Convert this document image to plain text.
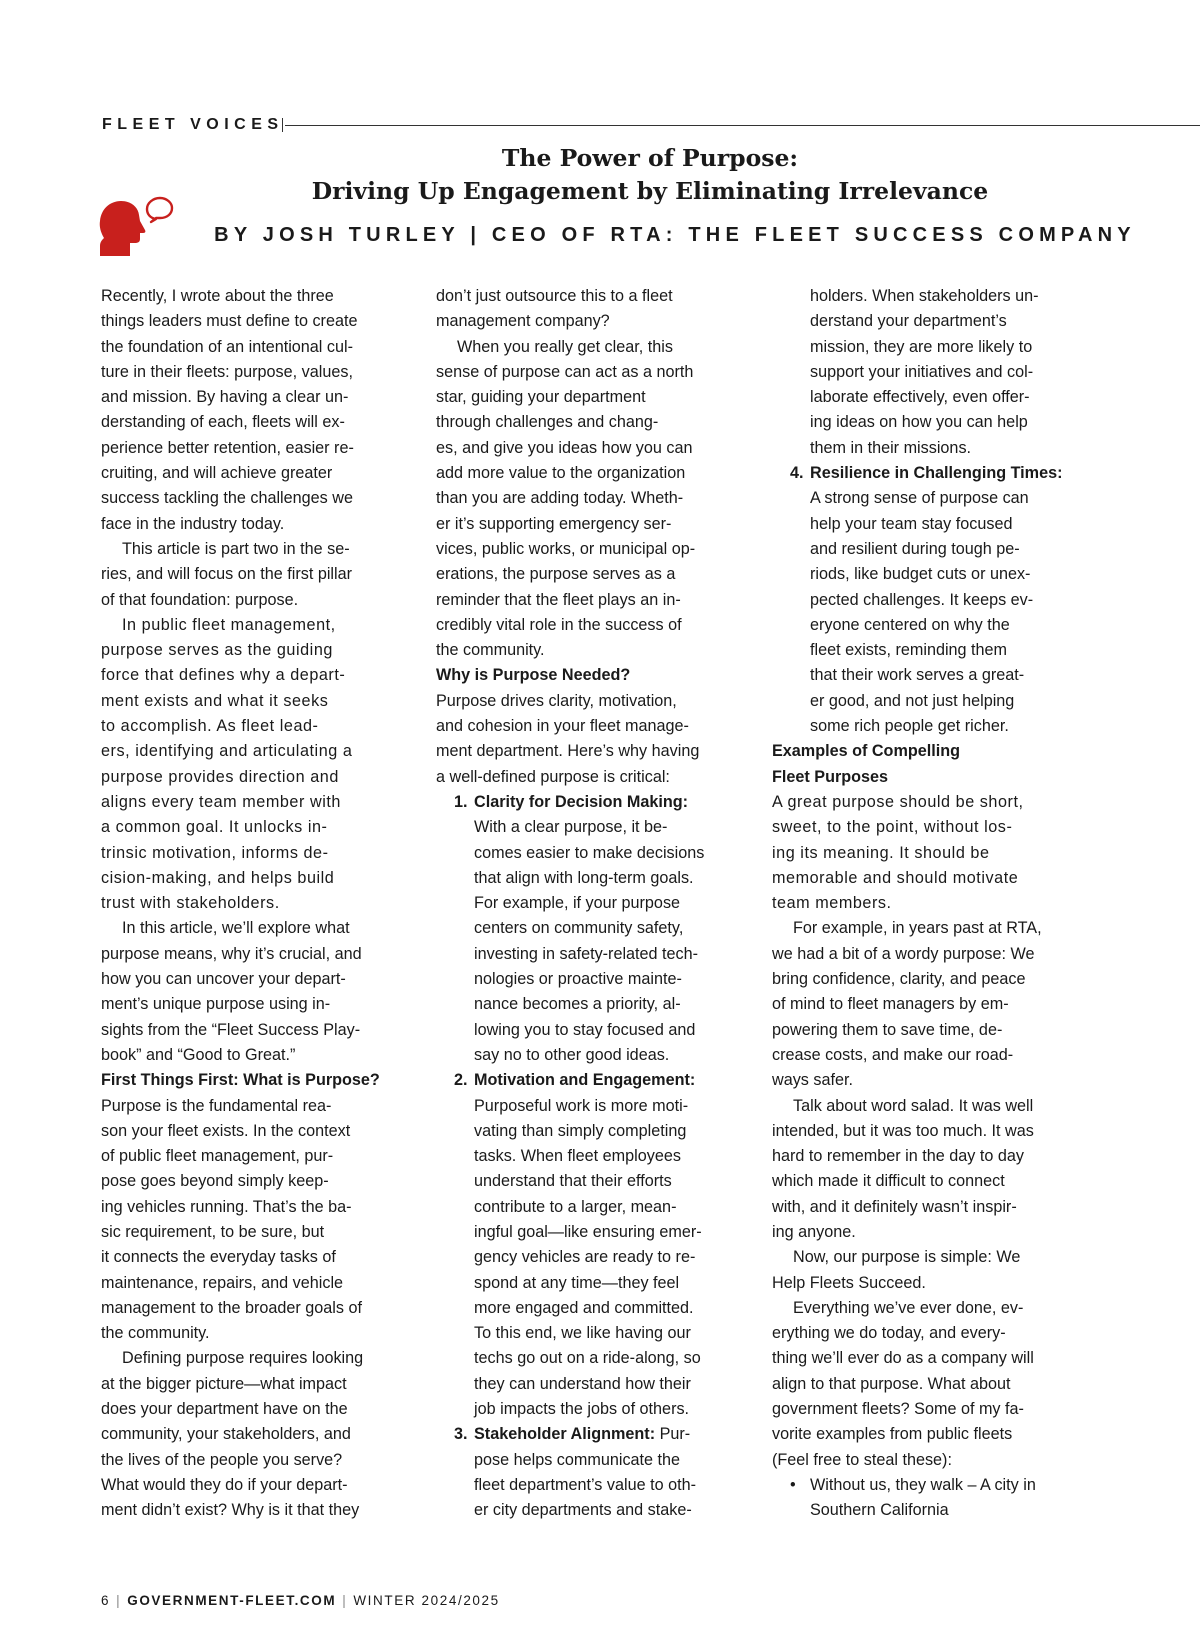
FLEET VOICES
The Power of Purpose:
Driving Up Engagement by Eliminating Irrelevance
BY JOSH TURLEY | CEO OF RTA: THE FLEET SUCCESS COMPANY
Recently, I wrote about the three
things leaders must define to create
the foundation of an intentional cul-
ture in their fleets: purpose, values,
and mission. By having a clear un-
derstanding of each, fleets will ex-
perience better retention, easier re-
cruiting, and will achieve greater
success tackling the challenges we
face in the industry today.
This article is part two in the se-
ries, and will focus on the first pillar
of that foundation: purpose.
In public fleet management,
purpose serves as the guiding
force that defines why a depart-
ment exists and what it seeks
to accomplish. As fleet lead-
ers, identifying and articulating a
purpose provides direction and
aligns every team member with
a common goal. It unlocks in-
trinsic motivation, informs de-
cision-making, and helps build
trust with stakeholders.
In this article, we’ll explore what
purpose means, why it’s crucial, and
how you can uncover your depart-
ment’s unique purpose using in-
sights from the “Fleet Success Play-
book” and “Good to Great.”
First Things First: What is Purpose?
Purpose is the fundamental rea-
son your fleet exists. In the context
of public fleet management, pur-
pose goes beyond simply keep-
ing vehicles running. That’s the ba-
sic requirement, to be sure, but
it connects the everyday tasks of
maintenance, repairs, and vehicle
management to the broader goals of
the community.
Defining purpose requires looking
at the bigger picture—what impact
does your department have on the
community, your stakeholders, and
the lives of the people you serve?
What would they do if your depart-
ment didn’t exist? Why is it that they
don’t just outsource this to a fleet
management company?
When you really get clear, this
sense of purpose can act as a north
star, guiding your department
through challenges and chang-
es, and give you ideas how you can
add more value to the organization
than you are adding today. Wheth-
er it’s supporting emergency ser-
vices, public works, or municipal op-
erations, the purpose serves as a
reminder that the fleet plays an in-
credibly vital role in the success of
the community.
Why is Purpose Needed?
Purpose drives clarity, motivation,
and cohesion in your fleet manage-
ment department. Here’s why having
a well-defined purpose is critical:
1. Clarity for Decision Making:
With a clear purpose, it be-
comes easier to make decisions
that align with long-term goals.
For example, if your purpose
centers on community safety,
investing in safety-related tech-
nologies or proactive mainte-
nance becomes a priority, al-
lowing you to stay focused and
say no to other good ideas.
2. Motivation and Engagement:
Purposeful work is more moti-
vating than simply completing
tasks. When fleet employees
understand that their efforts
contribute to a larger, mean-
ingful goal—like ensuring emer-
gency vehicles are ready to re-
spond at any time—they feel
more engaged and committed.
To this end, we like having our
techs go out on a ride-along, so
they can understand how their
job impacts the jobs of others.
3. Stakeholder Alignment: Pur-
pose helps communicate the
fleet department’s value to oth-
er city departments and stake-
holders. When stakeholders un-
derstand your department’s
mission, they are more likely to
support your initiatives and col-
laborate effectively, even offer-
ing ideas on how you can help
them in their missions.
4. Resilience in Challenging Times:
A strong sense of purpose can
help your team stay focused
and resilient during tough pe-
riods, like budget cuts or unex-
pected challenges. It keeps ev-
eryone centered on why the
fleet exists, reminding them
that their work serves a great-
er good, and not just helping
some rich people get richer.
Examples of Compelling
Fleet Purposes
A great purpose should be short,
sweet, to the point, without los-
ing its meaning. It should be
memorable and should motivate
team members.
For example, in years past at RTA,
we had a bit of a wordy purpose: We
bring confidence, clarity, and peace
of mind to fleet managers by em-
powering them to save time, de-
crease costs, and make our road-
ways safer.
Talk about word salad. It was well
intended, but it was too much. It was
hard to remember in the day to day
which made it difficult to connect
with, and it definitely wasn’t inspir-
ing anyone.
Now, our purpose is simple: We
Help Fleets Succeed.
Everything we’ve ever done, ev-
erything we do today, and every-
thing we’ll ever do as a company will
align to that purpose. What about
government fleets? Some of my fa-
vorite examples from public fleets
(Feel free to steal these):
• Without us, they walk – A city in
Southern California
6 | GOVERNMENT-FLEET.COM | WINTER 2024/2025
